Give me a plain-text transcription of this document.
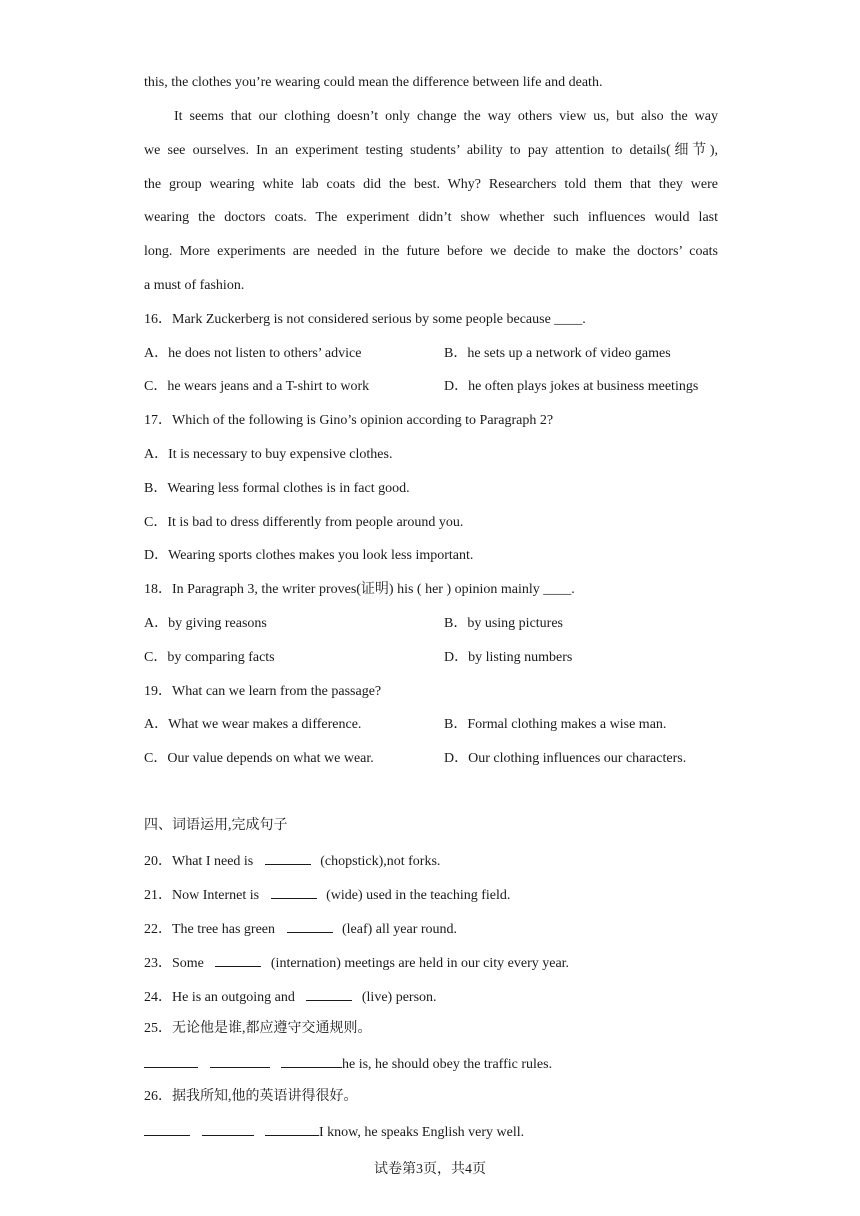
this, the clothes you’re wearing could mean the difference between life and death.
It seems that our clothing doesn’t only change the way others view us, but also the way
we see ourselves. In an experiment testing students’ ability to pay attention to details(细节),
the group wearing white lab coats did the best. Why? Researchers told them that they were
wearing the doctors coats. The experiment didn’t show whether such influences would last
long. More experiments are needed in the future before we decide to make the doctors’ coats
a must of fashion.
16．Mark Zuckerberg is not considered serious by some people because ____.
A．he does not listen to others’ advice	B．he sets up a network of video games
C．he wears jeans and a T-shirt to work	D．he often plays jokes at business meetings
17．Which of the following is Gino’s opinion according to Paragraph 2?
A．It is necessary to buy expensive clothes.
B．Wearing less formal clothes is in fact good.
C．It is bad to dress differently from people around you.
D．Wearing sports clothes makes you look less important.
18．In Paragraph 3, the writer proves(证明) his ( her ) opinion mainly ____.
A．by giving reasons	B．by using pictures
C．by comparing facts	D．by listing numbers
19．What can we learn from the passage?
A．What we wear makes a difference.	B．Formal clothing makes a wise man.
C．Our value depends on what we wear.	D．Our clothing influences our characters.
四、词语运用,完成句子
20．What I need is	(chopstick),not forks.
21．Now Internet is	(wide) used in the teaching field.
22．The tree has green	(leaf) all year round.
23．Some	(internation) meetings are held in our city every year.
24．He is an outgoing and	(live) person.
25．无论他是谁,都应遵守交通规则。
he is, he should obey the traffic rules.
26．据我所知,他的英语讲得很好。
I know, he speaks English very well.
试卷第3页，共4页
